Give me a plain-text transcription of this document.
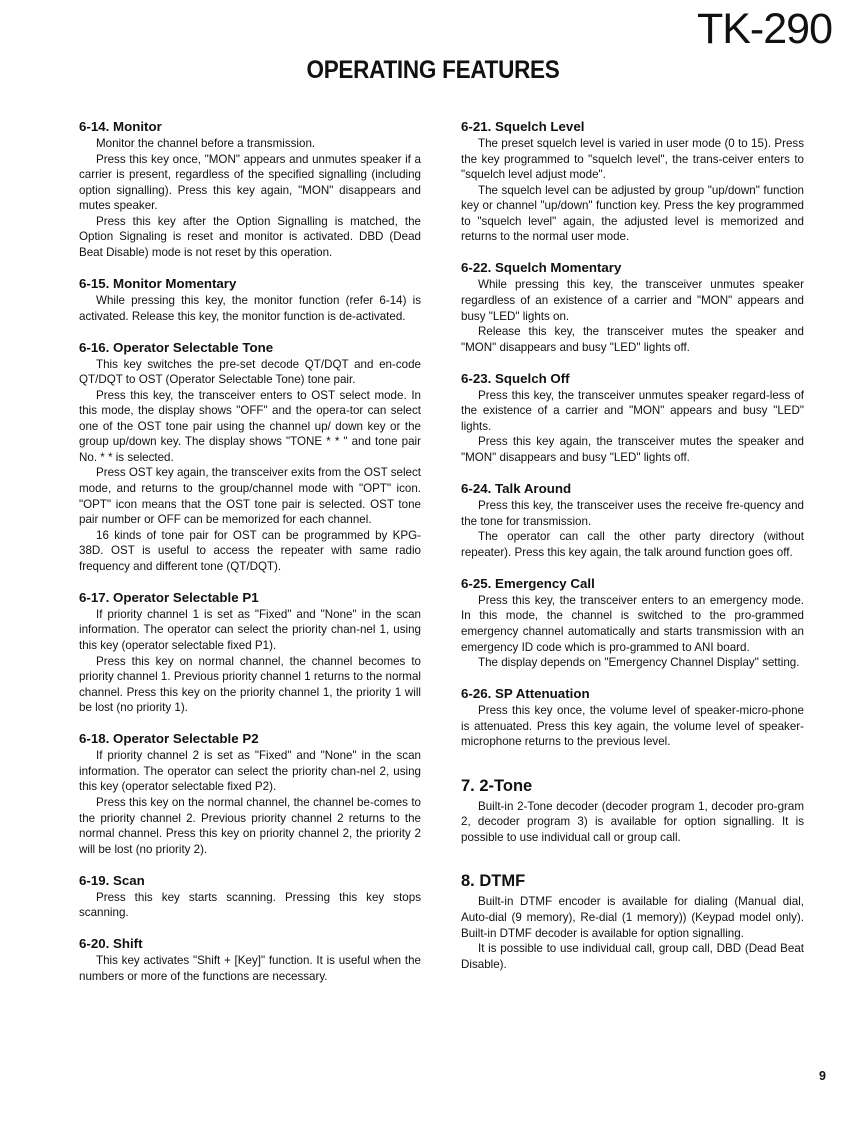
TK-290
OPERATING FEATURES
6-14. Monitor

Monitor the channel before a transmission.

Press this key once, "MON" appears and unmutes speaker if a carrier is present, regardless of the specified signalling (including option signalling). Press this key again, "MON" disappears and mutes speaker.

Press this key after the Option Signalling is matched, the Option Signaling is reset and monitor is activated. DBD (Dead Beat Disable) mode is not reset by this operation.

6-15. Monitor Momentary

While pressing this key, the monitor function (refer 6-14) is activated. Release this key, the monitor function is de-activated.

6-16. Operator Selectable Tone

This key switches the pre-set decode QT/DQT and en-code QT/DQT to OST (Operator Selectable Tone) tone pair.

Press this key, the transceiver enters to OST select mode. In this mode, the display shows "OFF" and the opera-tor can select one of the OST tone pair using the channel up/ down key or the group up/down key. The display shows "TONE * * " and tone pair No. * * is selected.

Press OST key again, the transceiver exits from the OST select mode, and returns to the group/channel mode with "OPT" icon. "OPT" icon means that the OST tone pair is selected. OST tone pair number or OFF can be memorized for each channel.

16 kinds of tone pair for OST can be programmed by KPG-38D. OST is useful to access the repeater with same radio frequency and different tone (QT/DQT).

6-17. Operator Selectable P1

If priority channel 1 is set as "Fixed" and "None" in the scan information. The operator can select the priority chan-nel 1, using this key (operator selectable fixed P1).

Press this key on normal channel, the channel becomes to priority channel 1. Previous priority channel 1 returns to the normal channel. Press this key on the priority channel 1, the priority 1 will be lost (no priority 1).

6-18. Operator Selectable P2

If priority channel 2 is set as "Fixed" and "None" in the scan information. The operator can select the priority chan-nel 2, using this key (operator selectable fixed P2).

Press this key on the normal channel, the channel be-comes to the priority channel 2. Previous priority channel 2 returns to the normal channel. Press this key on priority channel 2, the priority 2 will be lost (no priority 2).

6-19. Scan

Press this key starts scanning. Pressing this key stops scanning.

6-20. Shift

This key activates "Shift + [Key]" function. It is useful when the numbers or more of the functions are necessary.

6-21. Squelch Level

The preset squelch level is varied in user mode (0 to 15). Press the key programmed to "squelch level", the trans-ceiver enters to "squelch level adjust mode".

The squelch level can be adjusted by group "up/down" function key or channel "up/down" function key. Press the key programmed to "squelch level" again, the adjusted level is memorized and returns to the normal user mode.

6-22. Squelch Momentary

While pressing this key, the transceiver unmutes speaker regardless of an existence of a carrier and "MON" appears and busy "LED" lights on.

Release this key, the transceiver mutes the speaker and "MON" disappears and busy "LED" lights off.

6-23. Squelch Off

Press this key, the transceiver unmutes speaker regard-less of the existence of a carrier and "MON" appears and busy "LED" lights.

Press this key again, the transceiver mutes the speaker and "MON" disappears and busy "LED" lights off.

6-24. Talk Around

Press this key, the transceiver uses the receive fre-quency and the tone for transmission.

The operator can call the other party directory (without repeater). Press this key again, the talk around function goes off.

6-25. Emergency Call

Press this key, the transceiver enters to an emergency mode. In this mode, the channel is switched to the pro-grammed emergency channel automatically and starts transmission with an emergency ID code which is pro-grammed to ANI board.

The display depends on "Emergency Channel Display" setting.

6-26. SP Attenuation

Press this key once, the volume level of speaker-micro-phone is attenuated. Press this key again, the volume level of speaker-microphone returns to the previous level.

7. 2-Tone

Built-in 2-Tone decoder (decoder program 1, decoder pro-gram 2, decoder program 3) is available for option signalling. It is possible to use individual call or group call.

8. DTMF

Built-in DTMF encoder is available for dialing (Manual dial, Auto-dial (9 memory), Re-dial (1 memory)) (Keypad model only). Built-in DTMF decoder is available for option signalling.

It is possible to use individual call, group call, DBD (Dead Beat Disable).

9
